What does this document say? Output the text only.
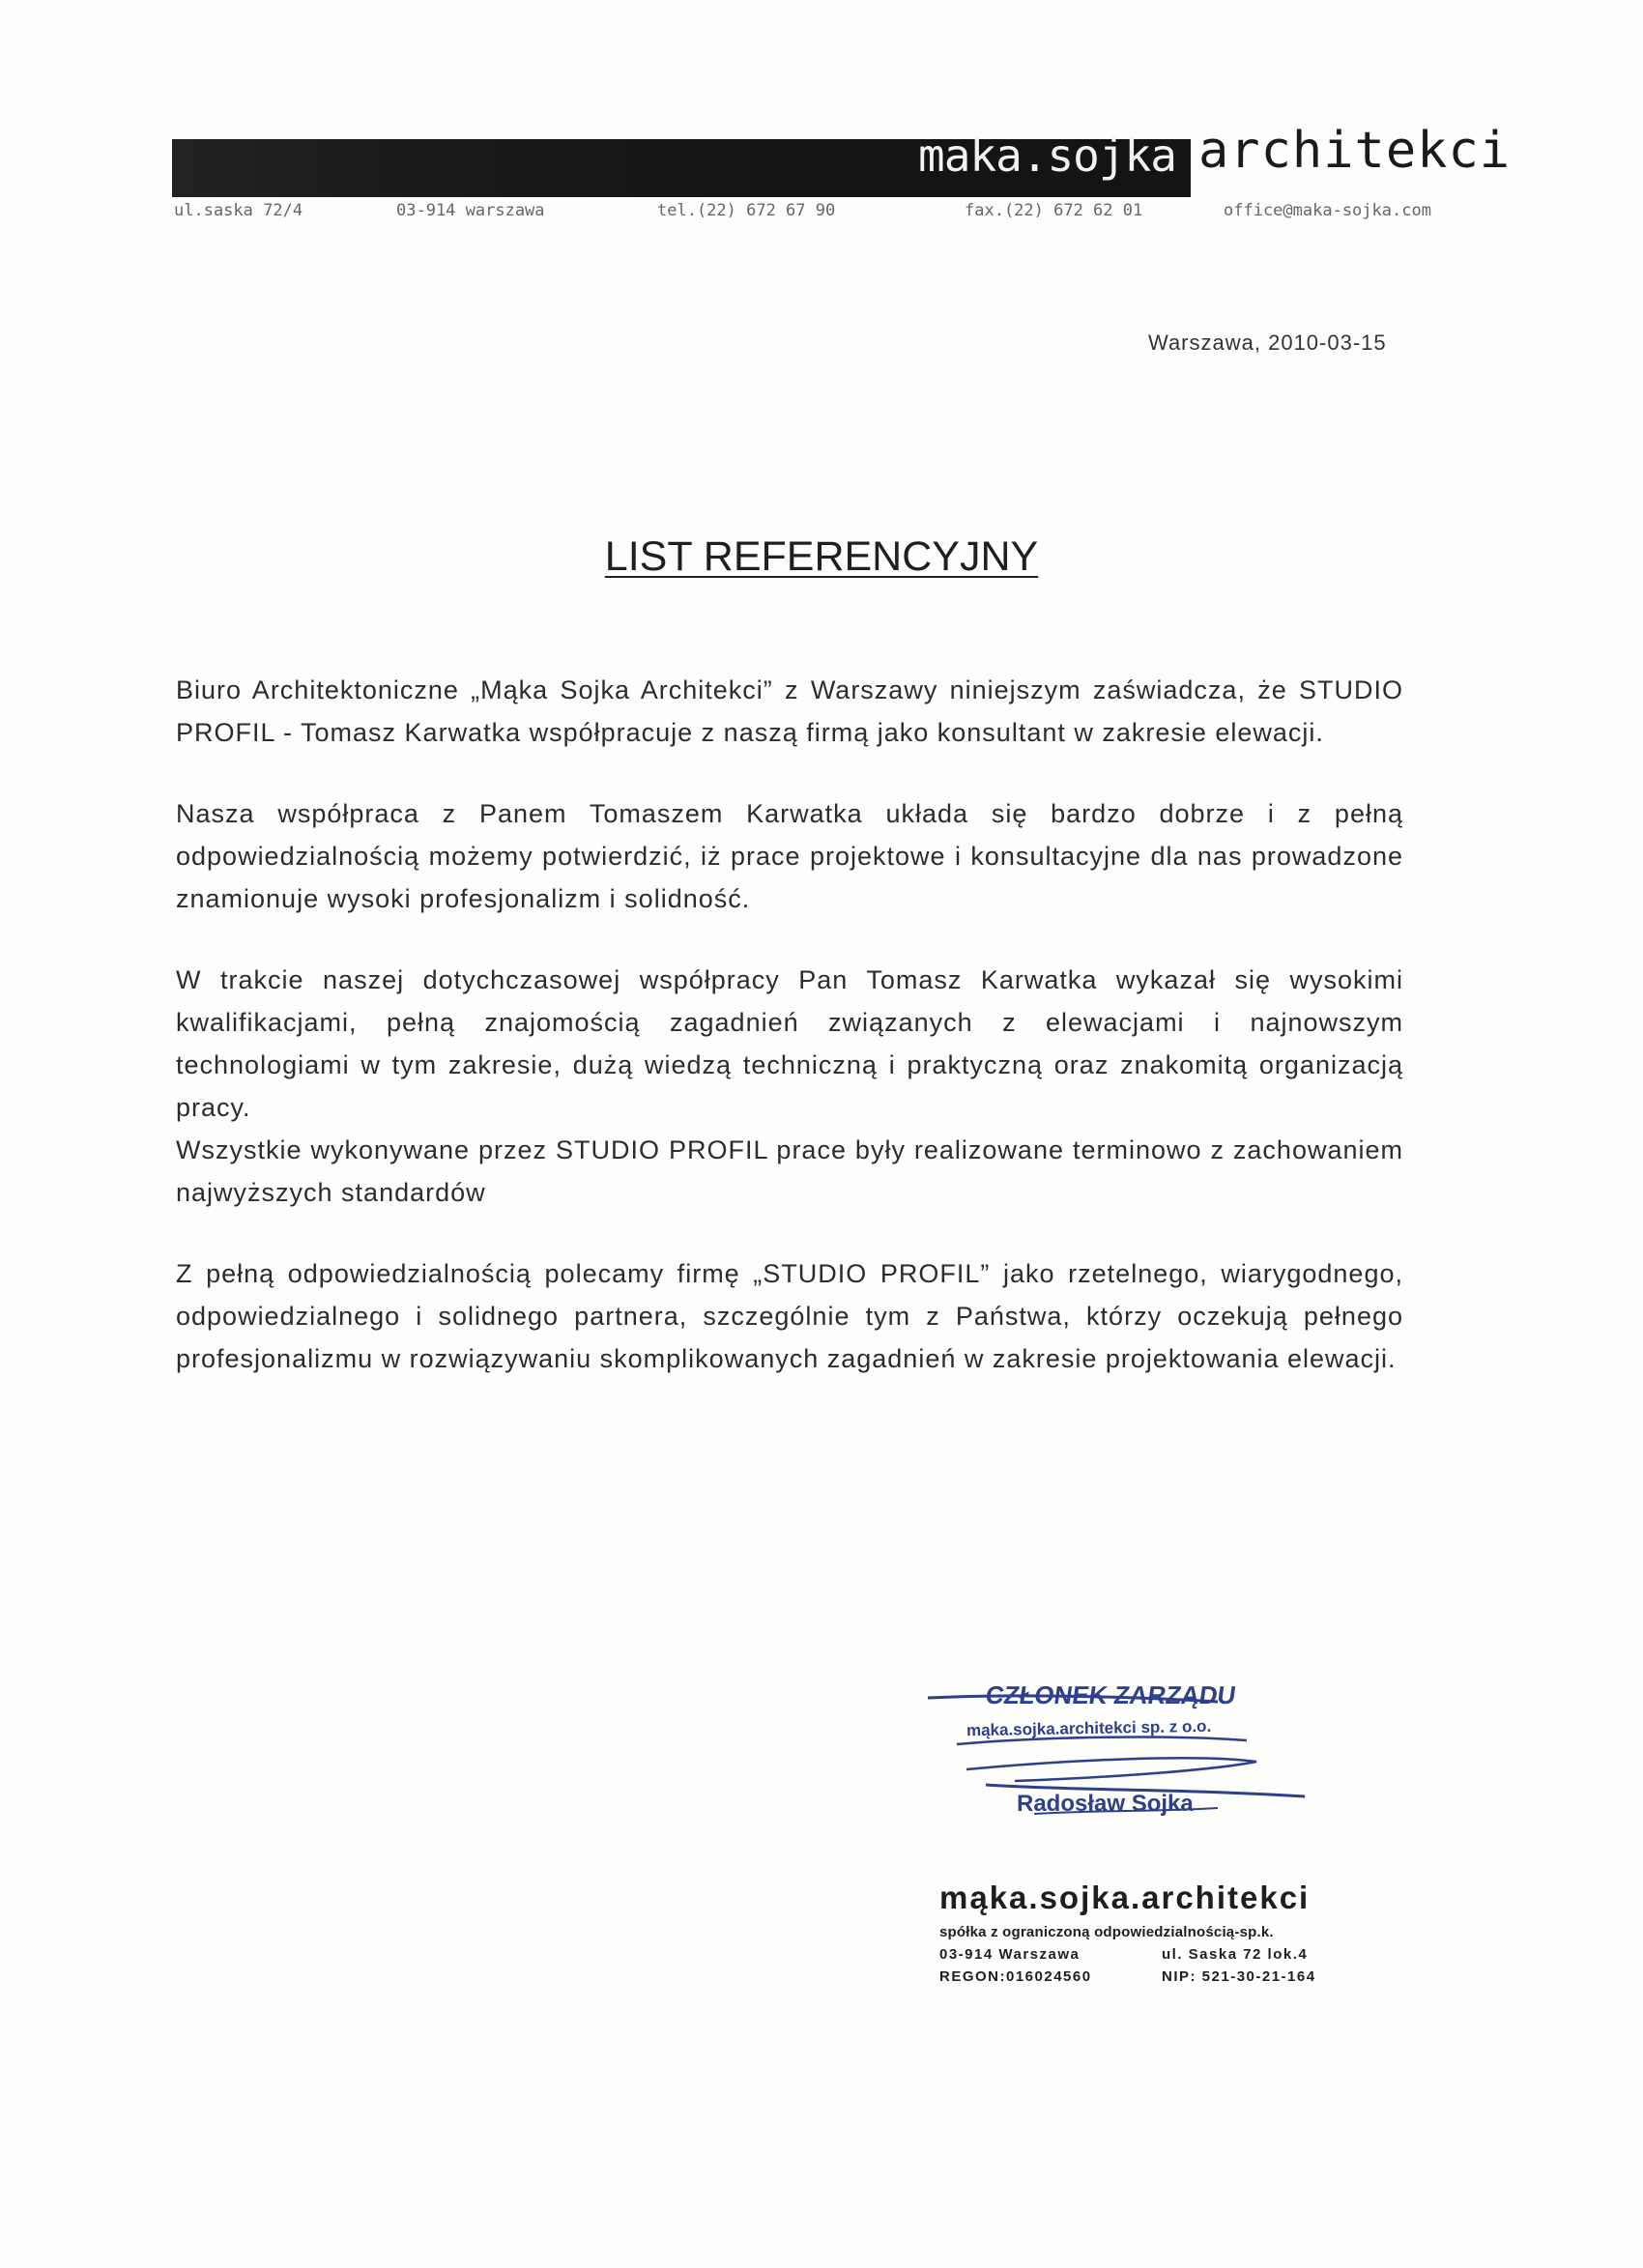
maka.sojka architekci
ul.saska 72/4	03-914 warszawa	tel.(22) 672 67 90	fax.(22) 672 62 01	office@maka-sojka.com
Warszawa, 2010-03-15
LIST REFERENCYJNY

Biuro Architektoniczne „Mąka Sojka Architekci” z Warszawy niniejszym zaświadcza, że STUDIO PROFIL - Tomasz Karwatka współpracuje z naszą firmą jako konsultant w zakresie elewacji.

Nasza współpraca z Panem Tomaszem Karwatka układa się bardzo dobrze i z pełną odpowiedzialnością możemy potwierdzić, iż prace projektowe i konsultacyjne dla nas prowadzone znamionuje wysoki profesjonalizm i solidność.

W trakcie naszej dotychczasowej współpracy Pan Tomasz Karwatka wykazał się wysokimi kwalifikacjami, pełną znajomością zagadnień związanych z elewacjami i najnowszym technologiami w tym zakresie, dużą wiedzą techniczną i praktyczną oraz znakomitą organizacją pracy.

Wszystkie wykonywane przez STUDIO PROFIL prace były realizowane terminowo z zachowaniem najwyższych standardów

Z pełną odpowiedzialnością polecamy firmę „STUDIO PROFIL” jako rzetelnego, wiarygodnego, odpowiedzialnego i solidnego partnera, szczególnie tym z Państwa, którzy oczekują pełnego profesjonalizmu w rozwiązywaniu skomplikowanych zagadnień w zakresie projektowania elewacji.

CZŁONEK ZARZĄDU
mąka.sojka.architekci sp. z o.o.
Radosław Sojka
mąka.sojka.architekci
spółka z ograniczoną odpowiedzialnością-sp.k.
03-914 Warszawa	ul. Saska 72 lok.4
REGON:016024560	NIP: 521-30-21-164
